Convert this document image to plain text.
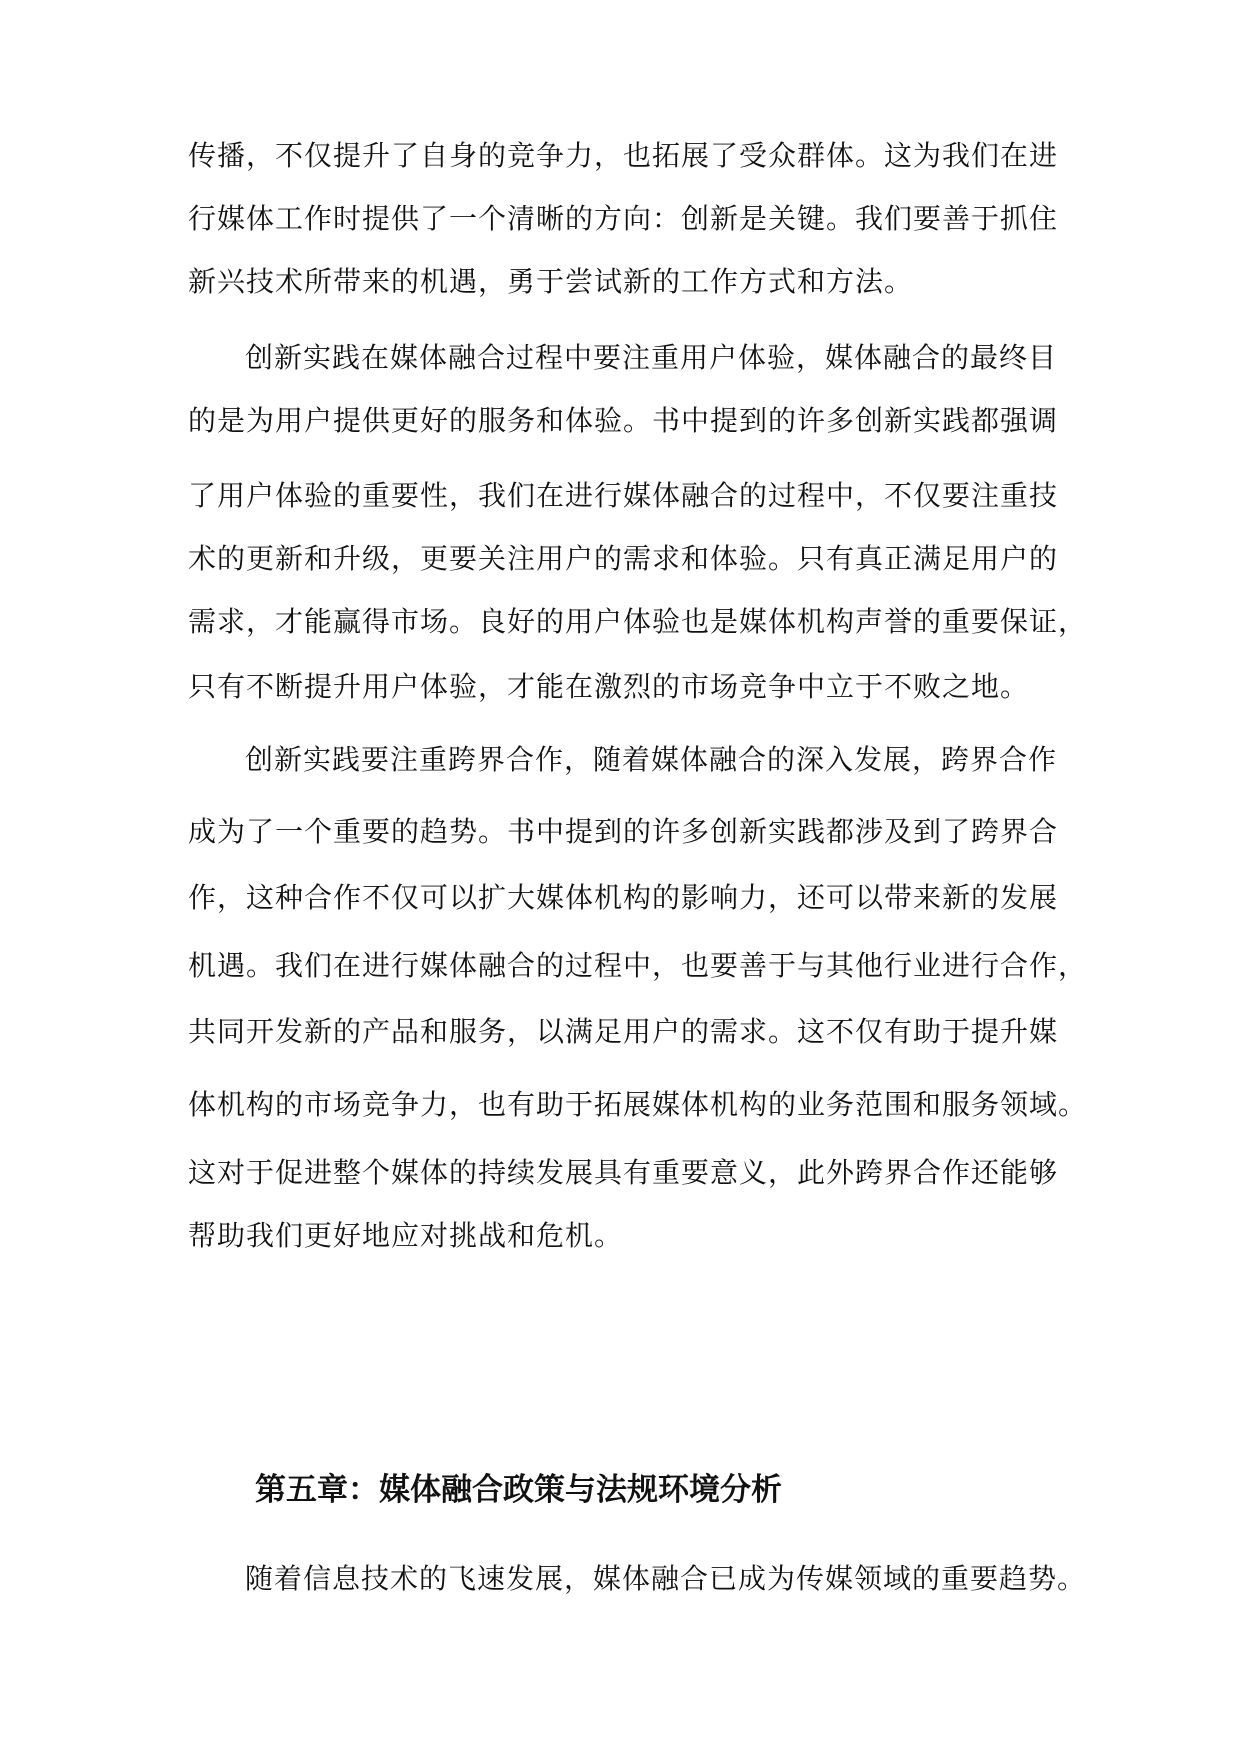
传播，不仅提升了自身的竞争力，也拓展了受众群体。这为我们在进

行媒体工作时提供了一个清晰的方向：创新是关键。我们要善于抓住

新兴技术所带来的机遇，勇于尝试新的工作方式和方法。

创新实践在媒体融合过程中要注重用户体验，媒体融合的最终目

的是为用户提供更好的服务和体验。书中提到的许多创新实践都强调

了用户体验的重要性，我们在进行媒体融合的过程中，不仅要注重技

术的更新和升级，更要关注用户的需求和体验。只有真正满足用户的

需求，才能赢得市场。良好的用户体验也是媒体机构声誉的重要保证，

只有不断提升用户体验，才能在激烈的市场竞争中立于不败之地。

创新实践要注重跨界合作，随着媒体融合的深入发展，跨界合作

成为了一个重要的趋势。书中提到的许多创新实践都涉及到了跨界合

作，这种合作不仅可以扩大媒体机构的影响力，还可以带来新的发展

机遇。我们在进行媒体融合的过程中，也要善于与其他行业进行合作，

共同开发新的产品和服务，以满足用户的需求。这不仅有助于提升媒

体机构的市场竞争力，也有助于拓展媒体机构的业务范围和服务领域。

这对于促进整个媒体的持续发展具有重要意义，此外跨界合作还能够

帮助我们更好地应对挑战和危机。

第五章：媒体融合政策与法规环境分析

随着信息技术的飞速发展，媒体融合已成为传媒领域的重要趋势。
